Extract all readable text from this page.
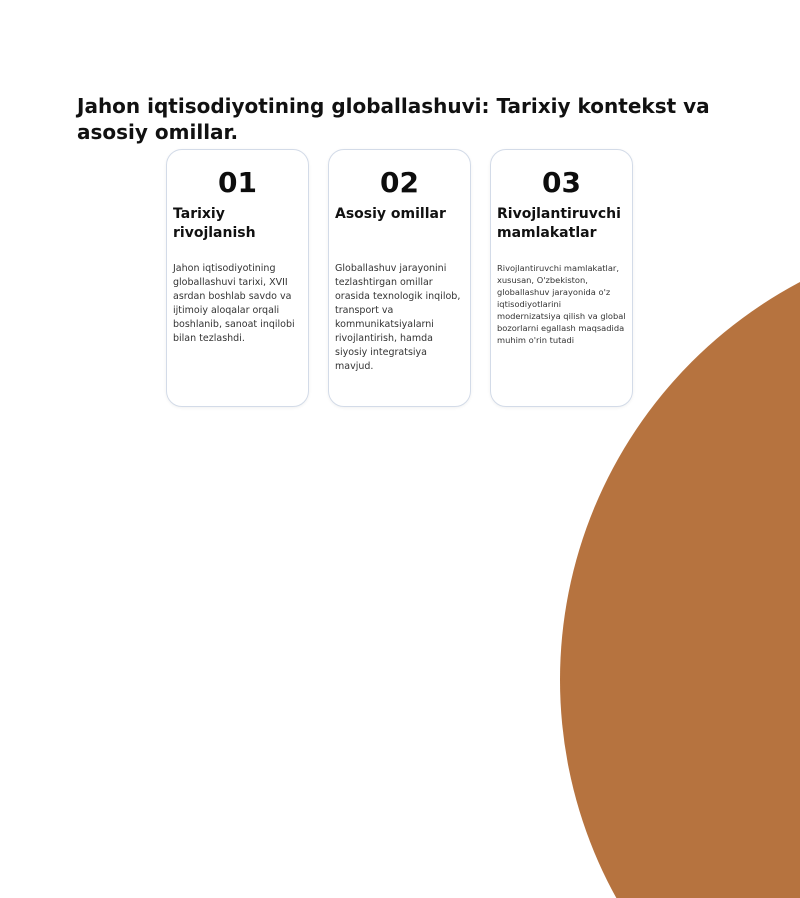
Jahon iqtisodiyotining globallashuvi: Tarixiy kontekst va asosiy omillar.
01
Tarixiy rivojlanish
Jahon iqtisodiyotining globallashuvi tarixi, XVII asrdan boshlab savdo va ijtimoiy aloqalar orqali boshlanib, sanoat inqilobi bilan tezlashdi.
02
Asosiy omillar
Globallashuv jarayonini tezlashtirgan omillar orasida texnologik inqilob, transport va kommunikatsiyalarni rivojlantirish, hamda siyosiy integratsiya mavjud.
03
Rivojlantiruvchi mamlakatlar
Rivojlantiruvchi mamlakatlar, xususan, O'zbekiston, globallashuv jarayonida o'z iqtisodiyotlarini modernizatsiya qilish va global bozorlarni egallash maqsadida muhim o'rin tutadi
